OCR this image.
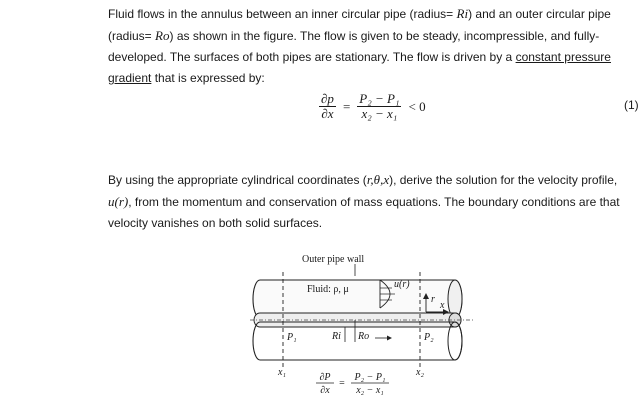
Fluid flows in the annulus between an inner circular pipe (radius= Ri) and an outer circular pipe (radius= Ro) as shown in the figure. The flow is given to be steady, incompressible, and fully-developed. The surfaces of both pipes are stationary. The flow is driven by a constant pressure gradient that is expressed by:

$\frac{\partial p}{\partial x} = \frac{\text{P₂ − P₁}}{\text{x₂ − x₁}} < 0$	(1)

By using the appropriate cylindrical coordinates (r,θ,x), derive the solution for the velocity profile, u(r), from the momentum and conservation of mass equations. The boundary conditions are that velocity vanishes on both solid surfaces.

Outer pipe wall
Fluid: ρ, μ	u(r)
r
x
P₁	P₂
Ri Ro
x₁	x₂
∂P
∂x
=
P₂ − P₁
x₂ − x₁
